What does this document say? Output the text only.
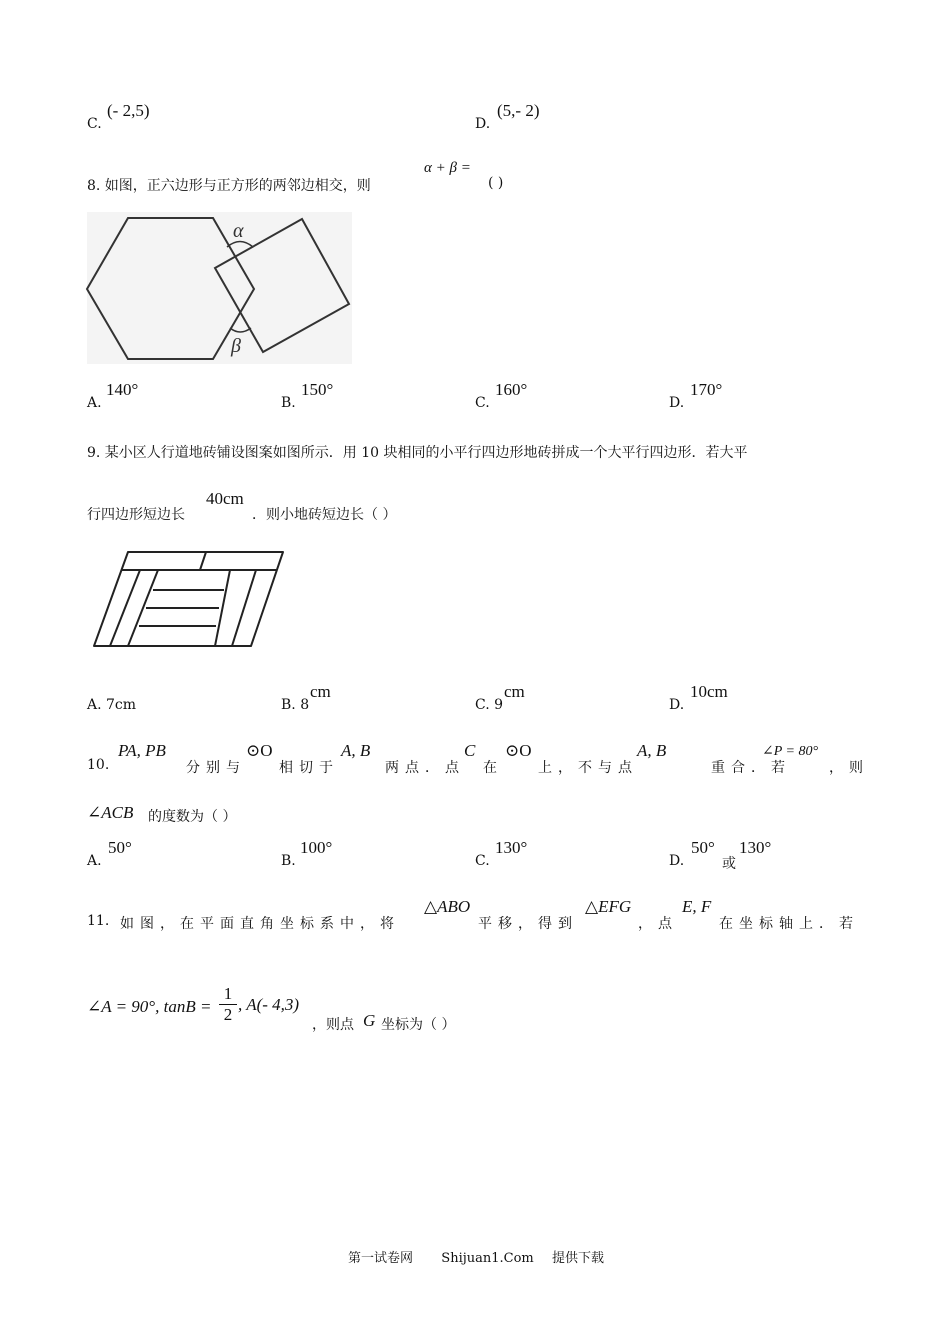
C.
(- 2,5)
D.
(5,- 2)
8. 如图，正六边形与正方形的两邻边相交，则
α + β =
( )
α
β
A.
140°
B.
150°
C.
160°
D.
170°
9. 某小区人行道地砖铺设图案如图所示．用 10 块相同的小平行四边形地砖拼成一个大平行四边形．若大平
行四边形短边长
40cm
．则小地砖短边长（ ）
A. 7cm	B. 8
cm
C. 9
cm
D.
10cm
10.
PA, PB
分别与
⊙O
相切于
A, B
两点．点
C
在
⊙O
上，不与点
A, B
重合．若
∠P = 80°
，则
∠ACB 的度数为（ ）
A.
50°
B.
100°
C.
130°
D.
50°
或
130°
11. 如图，在平面直角坐标系中，将
△ABO
平移，得到
△EFG
，点
E, F
在坐标轴上．若
∠A = 90°, tanB =
1
2
, A(- 4,3)
，则点 G 坐标为（ ）
第一试卷网 Shijuan1.Com 提供下载
